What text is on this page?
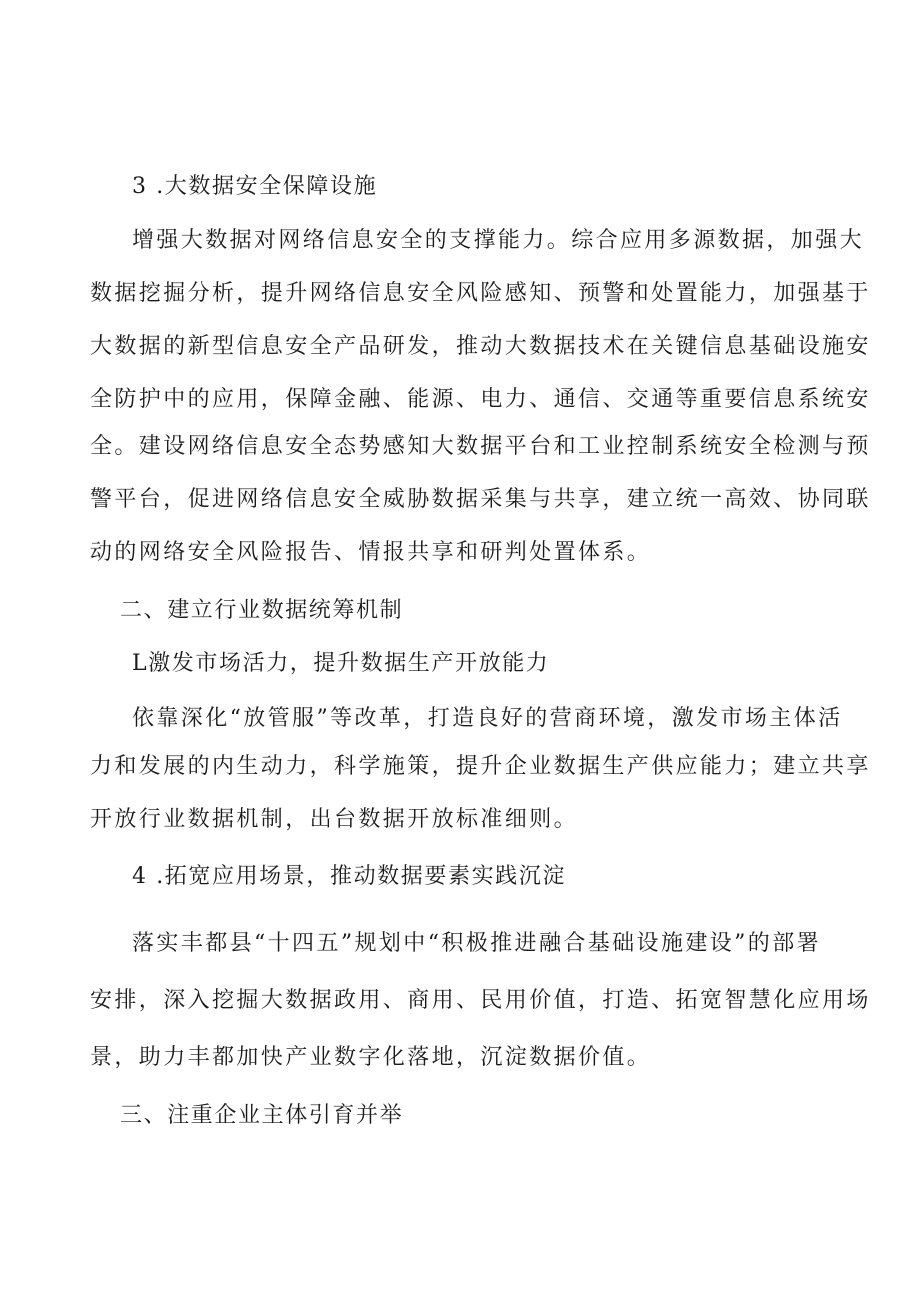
3 .大数据安全保障设施
增强大数据对网络信息安全的支撑能力。综合应用多源数据，加强大
数据挖掘分析，提升网络信息安全风险感知、预警和处置能力，加强基于
大数据的新型信息安全产品研发，推动大数据技术在关键信息基础设施安
全防护中的应用，保障金融、能源、电力、通信、交通等重要信息系统安
全。建设网络信息安全态势感知大数据平台和工业控制系统安全检测与预
警平台，促进网络信息安全威胁数据采集与共享，建立统一高效、协同联
动的网络安全风险报告、情报共享和研判处置体系。
二、建立行业数据统筹机制
L激发市场活力，提升数据生产开放能力
依靠深化“放管服”等改革，打造良好的营商环境，激发市场主体活
力和发展的内生动力，科学施策，提升企业数据生产供应能力；建立共享
开放行业数据机制，出台数据开放标准细则。
4 .拓宽应用场景，推动数据要素实践沉淀
落实丰都县“十四五”规划中“积极推进融合基础设施建设”的部署
安排，深入挖掘大数据政用、商用、民用价值，打造、拓宽智慧化应用场
景，助力丰都加快产业数字化落地，沉淀数据价值。
三、注重企业主体引育并举
